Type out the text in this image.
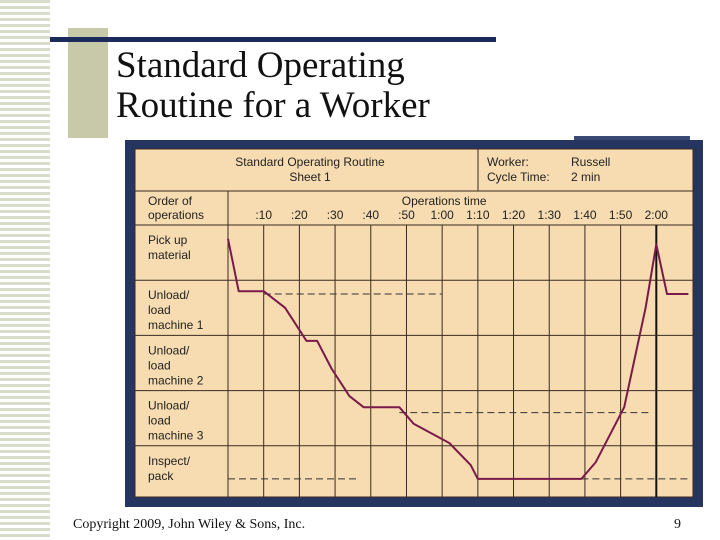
Standard Operating
Routine for a Worker
Standard Operating Routine
Sheet 1
Worker:	Russell
Cycle Time: 2 min
Order of
operations
Operations time
:10 :20 :30 :40 :50 1:00 1:10 1:20 1:30 1:40 1:50 2:00
Pick up
material
Unload/
load
machine 1
Unload/
load
machine 2
Unload/
load
machine 3
Inspect/
pack
Copyright 2009, John Wiley & Sons, Inc.	9
